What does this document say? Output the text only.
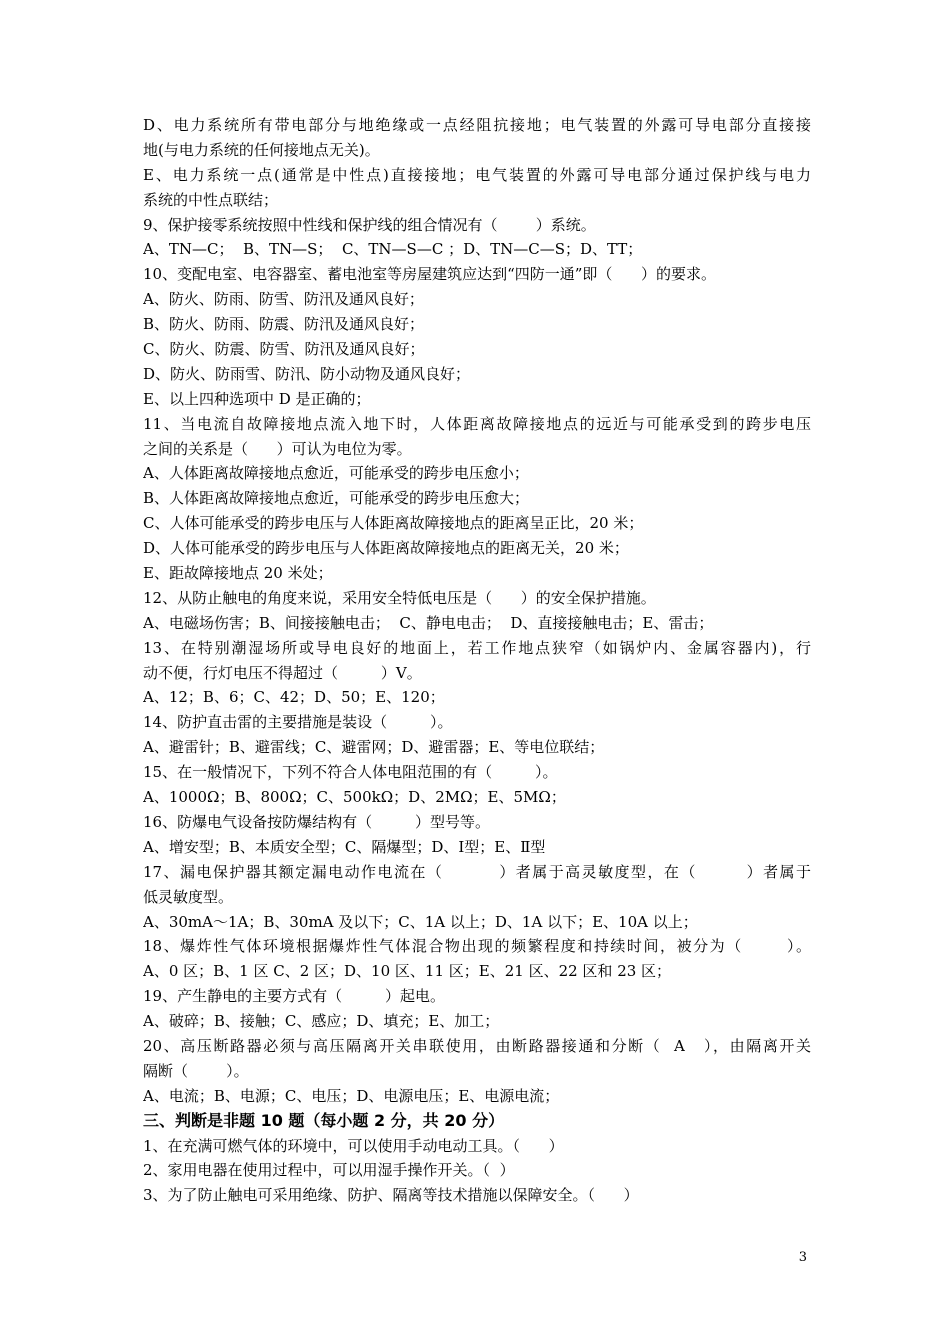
D、电力系统所有带电部分与地绝缘或一点经阻抗接地；电气装置的外露可导电部分直接接
地(与电力系统的任何接地点无关)。
E、电力系统一点(通常是中性点)直接接地；电气装置的外露可导电部分通过保护线与电力
系统的中性点联结；
9、保护接零系统按照中性线和保护线的组合情况有（        ）系统。
A、TN—C；  B、TN—S；  C、TN—S—C ；D、TN—C—S；D、TT；
10、变配电室、电容器室、蓄电池室等房屋建筑应达到“四防一通”即（      ）的要求。
A、防火、防雨、防雪、防汛及通风良好；
B、防火、防雨、防震、防汛及通风良好；
C、防火、防震、防雪、防汛及通风良好；
D、防火、防雨雪、防汛、防小动物及通风良好；
E、以上四种选项中 D 是正确的；
11、当电流自故障接地点流入地下时，人体距离故障接地点的远近与可能承受到的跨步电压
之间的关系是（      ）可认为电位为零。
A、人体距离故障接地点愈近，可能承受的跨步电压愈小；
B、人体距离故障接地点愈近，可能承受的跨步电压愈大；
C、人体可能承受的跨步电压与人体距离故障接地点的距离呈正比，20 米；
D、人体可能承受的跨步电压与人体距离故障接地点的距离无关，20 米；
E、距故障接地点 20 米处；
12、从防止触电的角度来说，采用安全特低电压是（      ）的安全保护措施。
A、电磁场伤害；B、间接接触电击；  C、静电电击；  D、直接接触电击；E、雷击；
13、在特别潮湿场所或导电良好的地面上，若工作地点狭窄（如锅炉内、金属容器内)，行
动不便，行灯电压不得超过（         ）V。
A、12；B、6；C、42；D、50；E、120；
14、防护直击雷的主要措施是装设（         ）。
A、避雷针；B、避雷线；C、避雷网；D、避雷器；E、等电位联结；
15、在一般情况下，下列不符合人体电阻范围的有（         ）。
A、1000Ω；B、800Ω；C、500kΩ；D、2MΩ；E、5MΩ；
16、防爆电气设备按防爆结构有（         ）型号等。
A、增安型；B、本质安全型；C、隔爆型；D、Ⅰ型；E、Ⅱ型
17、漏电保护器其额定漏电动作电流在（         ）者属于高灵敏度型，在（        ）者属于
低灵敏度型。
A、30mA～1A；B、30mA 及以下；C、1A 以上；D、1A 以下；E、10A 以上；
18、爆炸性气体环境根据爆炸性气体混合物出现的频繁程度和持续时间，被分为（       ）。
A、0 区；B、1 区 C、2 区；D、10 区、11 区；E、21 区、22 区和 23 区；
19、产生静电的主要方式有（         ）起电。
A、破碎；B、接触；C、感应；D、填充；E、加工；
20、高压断路器必须与高压隔离开关串联使用，由断路器接通和分断（  A   ），由隔离开关
隔断（        ）。
A、电流；B、电源；C、电压；D、电源电压；E、电源电流；
三、判断是非题 10 题（每小题 2 分，共 20 分）
1、在充满可燃气体的环境中，可以使用手动电动工具。（      ）
2、家用电器在使用过程中，可以用湿手操作开关。（  ）
3、为了防止触电可采用绝缘、防护、隔离等技术措施以保障安全。（      ）
3
